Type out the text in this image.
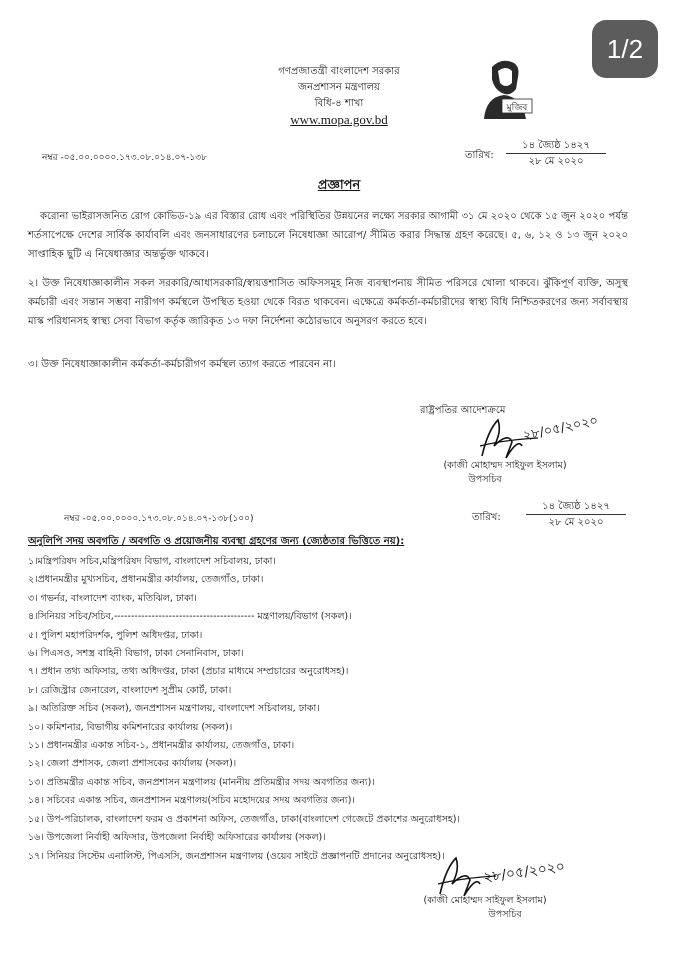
1/2
গণপ্রজাতন্ত্রী বাংলাদেশ সরকার
জনপ্রশাসন মন্ত্রণালয়
বিধি-৪ শাখা
www.mopa.gov.bd
মুজিব
নম্বর -০৫.০০.০০০০.১৭৩.০৮.০১৪.০৭-১৩৮	তারিখ:
১৪ জ্যৈষ্ঠ ১৪২৭
২৮ মে ২০২০
প্রজ্ঞাপন
করোনা ভাইরাসজনিত রোগ কোভিড-১৯ এর বিস্তার রোধ এবং পরিস্থিতির উন্নয়নের লক্ষ্যে সরকার আগামী ৩১ মে ২০২০ থেকে ১৫ জুন ২০২০ পর্যন্ত শর্তসাপেক্ষে দেশের সার্বিক কার্যাবলি এবং জনসাধারণের চলাচলে নিষেধাজ্ঞা আরোপ/ সীমিত করার সিদ্ধান্ত গ্রহণ করেছে। ৫, ৬, ১২ ও ১৩ জুন ২০২০ সাপ্তাহিক ছুটি এ নিষেধাজ্ঞার অন্তর্ভুক্ত থাকবে।
২। উক্ত নিষেধাজ্ঞাকালীন সকল সরকারি/আধাসরকারি/স্বায়ত্তশাসিত অফিসসমূহ নিজ ব্যবস্থাপনায় সীমিত পরিসরে খোলা থাকবে। ঝুঁকিপূর্ণ ব্যক্তি, অসুস্থ কর্মচারী এবং সন্তান সম্ভবা নারীগণ কর্মস্থলে উপস্থিত হওয়া থেকে বিরত থাকবেন। এক্ষেত্রে কর্মকর্তা-কর্মচারীদের স্বাস্থ্য বিধি নিশ্চিতকরণের জন্য সর্বাবস্থায় মাস্ক পরিধানসহ স্বাস্থ্য সেবা বিভাগ কর্তৃক জারিকৃত ১৩ দফা নির্দেশনা কঠোরভাবে অনুসরণ করতে হবে।
৩। উক্ত নিষেধাজ্ঞাকালীন কর্মকর্তা-কর্মচারীগণ কর্মস্থল ত্যাগ করতে পারবেন না।
রাষ্ট্রপতির আদেশক্রমে
২৮/০৫/২০২০
(কাজী মোহাম্মদ সাইফুল ইসলাম)
উপসচিব
নম্বর -০৫.০০.০০০০.১৭৩.০৮.০১৪.০৭-১৩৮(১০০)	তারিখ:
১৪ জ্যৈষ্ঠ ১৪২৭
২৮ মে ২০২০
অনুলিপি সদয় অবগতি / অবগতি ও প্রয়োজনীয় ব্যবস্থা গ্রহণের জন্য (জ্যেষ্ঠতার ভিত্তিতে নয়):
১।মন্ত্রিপরিষদ সচিব,মন্ত্রিপরিষদ বিভাগ, বাংলাদেশ সচিবালয়, ঢাকা।
২।প্রধানমন্ত্রীর মুখ্যসচিব, প্রধানমন্ত্রীর কার্যালয়, তেজগাঁও, ঢাকা।
৩। গভর্নর, বাংলাদেশ ব্যাংক, মতিঝিল, ঢাকা।
৪।সিনিয়র সচিব/সচিব,----------------------------------------- মন্ত্রণালয়/বিভাগ (সকল)।
৫। পুলিশ মহাপরিদর্শক, পুলিশ অধিদপ্তর, ঢাকা।
৬। পিএসও, সশস্ত্র বাহিনী বিভাগ, ঢাকা সেনানিবাস, ঢাকা।
৭। প্রধান তথ্য অফিসার, তথ্য অধিদপ্তর, ঢাকা (প্রচার মাধ্যমে সম্প্রচারের অনুরোধসহ)।
৮। রেজিস্ট্রার জেনারেল, বাংলাদেশ সুপ্রীম কোর্ট, ঢাকা।
৯। অতিরিক্ত সচিব (সকল), জনপ্রশাসন মন্ত্রণালয়, বাংলাদেশ সচিবালয়, ঢাকা।
১০। কমিশনার, বিভাগীয় কমিশনারের কার্যালয় (সকল)।
১১। প্রধানমন্ত্রীর একান্ত সচিব-১, প্রধানমন্ত্রীর কার্যালয়, তেজগাঁও, ঢাকা।
১২। জেলা প্রশাসক, জেলা প্রশাসকের কার্যালয় (সকল)।
১৩। প্রতিমন্ত্রীর একান্ত সচিব, জনপ্রশাসন মন্ত্রণালয় (মাননীয় প্রতিমন্ত্রীর সদয় অবগতির জন্য)।
১৪। সচিবের একান্ত সচিব, জনপ্রশাসন মন্ত্রণালয়(সচিব মহোদয়ের সদয় অবগতির জন্য)।
১৫। উপ-পরিচালক, বাংলাদেশ ফরম ও প্রকাশনা অফিস, তেজগাঁও, ঢাকা(বাংলাদেশ গেজেটে প্রকাশের অনুরোধসহ)।
১৬। উপজেলা নির্বাহী অফিসার, উপজেলা নির্বাহী অফিসারের কার্যালয় (সকল)।
১৭। সিনিয়র সিস্টেম এনালিস্ট, পিএসসি, জনপ্রশাসন মন্ত্রণালয় (ওয়েব সাইটে প্রজ্ঞাপনটি প্রদানের অনুরোধসহ)।
২৮/০৫/২০২০
(কাজী মোহাম্মদ সাইফুল ইসলাম)
উপসচিব
